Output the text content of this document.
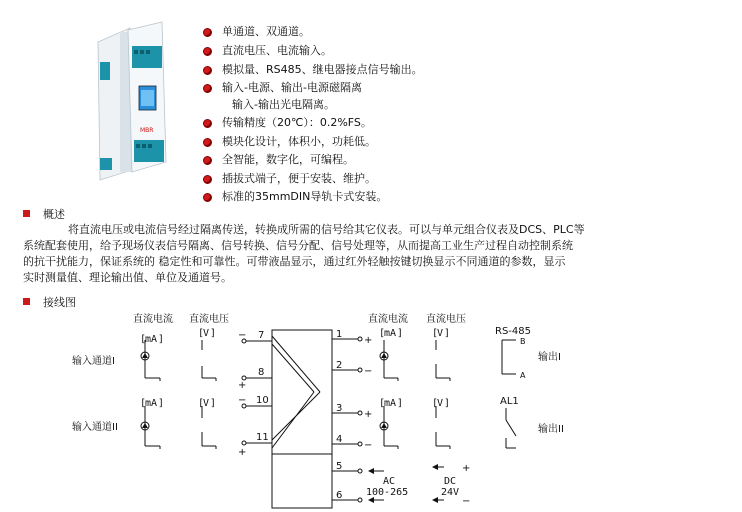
MBR
单通道、双通道。
直流电压、电流输入。
模拟量、RS485、继电器接点信号输出。
输入-电源、输出-电源磁隔离
输入-输出光电隔离。
传输精度（20℃）：0.2%FS。
模块化设计，体积小，功耗低。
全智能，数字化，可编程。
插拔式端子，便于安装、维护。
标准的35mmDIN导轨卡式安装。
概述
将直流电压或电流信号经过隔离传送，转换成所需的信号给其它仪表。可以与单元组合仪表及DCS、PLC等
系统配套使用，给予现场仪表信号隔离、信号转换、信号分配、信号处理等，从而提高工业生产过程自动控制系统
的抗干扰能力，保证系统的 稳定性和可靠性。可带液晶显示，通过红外轻触按键切换显示不同通道的参数，显示
实时测量值、理论输出值、单位及通道号。
接线图
直流电流 直流电压	直流电流 直流电压
[
mA ]
[
V ]
[
mA ]	[
V ]
[
mA ]	[
V ]
[
mA ]	[
V ]
输入通道I
输入通道II
输出I
输出II
RS-485
B
A
AL1
AC
100-265
DC
24V
7
8
10
11
1
2
3
4
5
6
−
+
−
+
+
−
+
−
+
−
